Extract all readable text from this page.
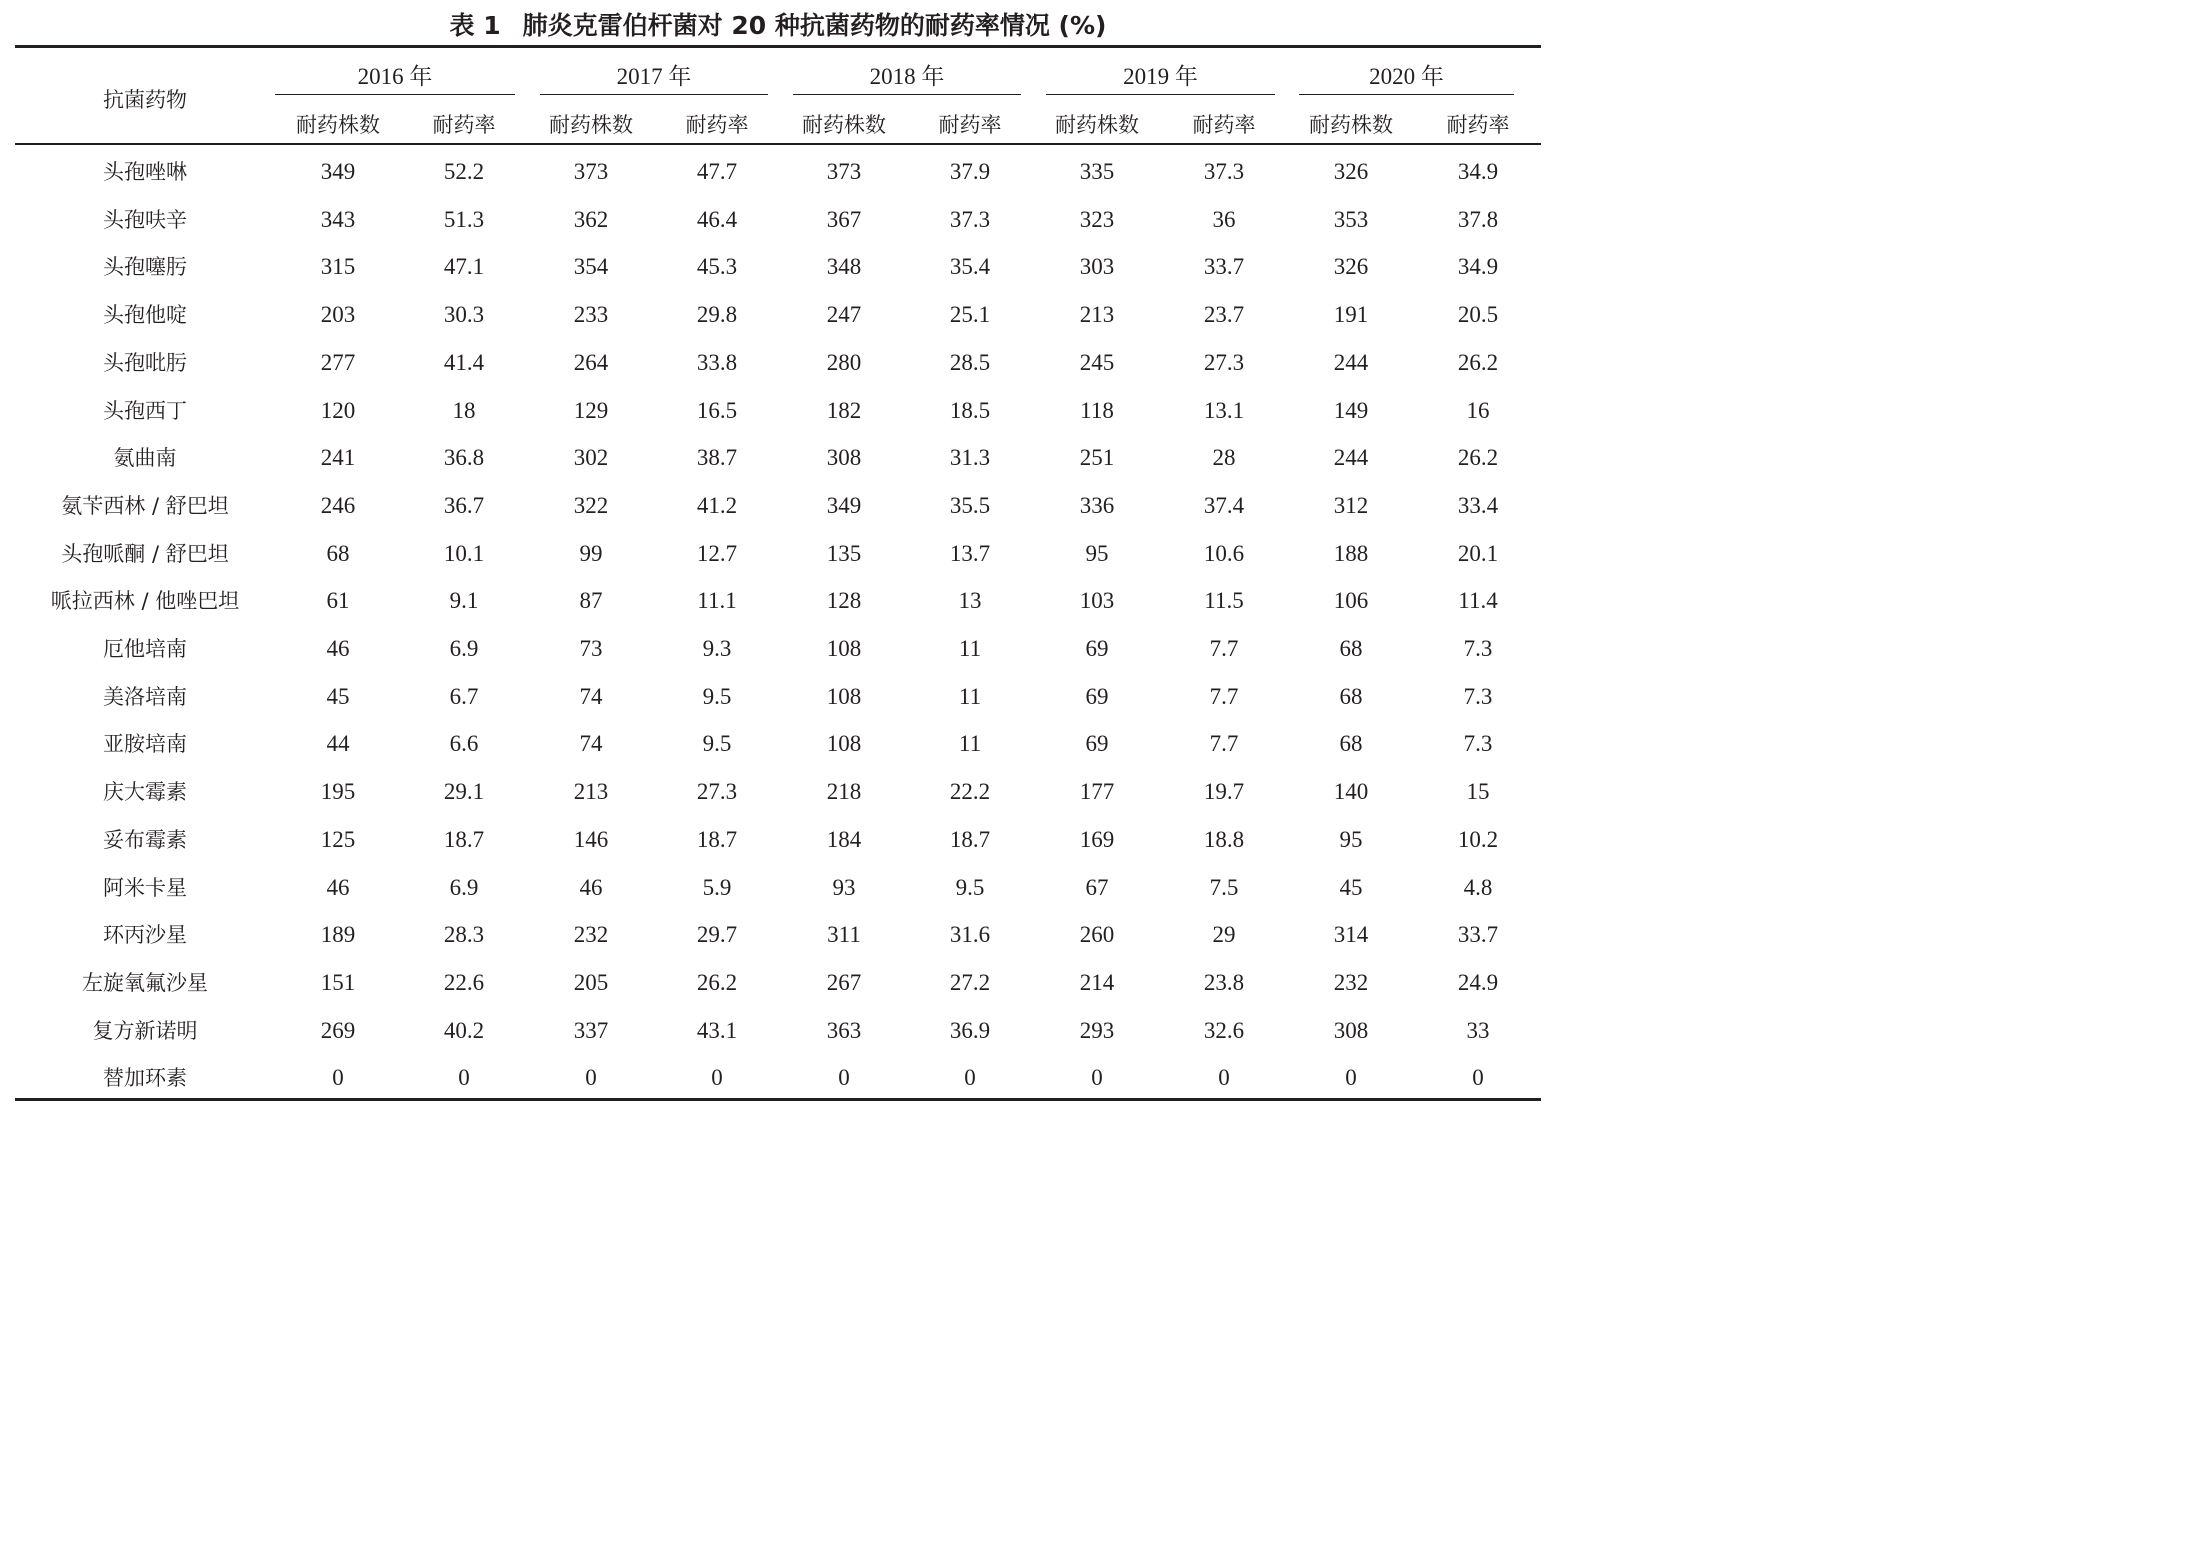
表 1 肺炎克雷伯杆菌对 20 种抗菌药物的耐药率情况 (%)
抗菌药物
2016 年
耐药株数	耐药率
2017 年
耐药株数	耐药率
2018 年
耐药株数	耐药率
2019 年
耐药株数	耐药率
2020 年
耐药株数	耐药率
头孢唑啉	349	52.2	373	47.7	373	37.9	335	37.3	326	34.9
头孢呋辛	343	51.3	362	46.4	367	37.3	323	36	353	37.8
头孢噻肟	315	47.1	354	45.3	348	35.4	303	33.7	326	34.9
头孢他啶	203	30.3	233	29.8	247	25.1	213	23.7	191	20.5
头孢吡肟	277	41.4	264	33.8	280	28.5	245	27.3	244	26.2
头孢西丁	120	18	129	16.5	182	18.5	118	13.1	149	16
氨曲南	241	36.8	302	38.7	308	31.3	251	28	244	26.2
氨苄西林 / 舒巴坦	246	36.7	322	41.2	349	35.5	336	37.4	312	33.4
头孢哌酮 / 舒巴坦	68	10.1	99	12.7	135	13.7	95	10.6	188	20.1
哌拉西林 / 他唑巴坦	61	9.1	87	11.1	128	13	103	11.5	106	11.4
厄他培南	46	6.9	73	9.3	108	11	69	7.7	68	7.3
美洛培南	45	6.7	74	9.5	108	11	69	7.7	68	7.3
亚胺培南	44	6.6	74	9.5	108	11	69	7.7	68	7.3
庆大霉素	195	29.1	213	27.3	218	22.2	177	19.7	140	15
妥布霉素	125	18.7	146	18.7	184	18.7	169	18.8	95	10.2
阿米卡星	46	6.9	46	5.9	93	9.5	67	7.5	45	4.8
环丙沙星	189	28.3	232	29.7	311	31.6	260	29	314	33.7
左旋氧氟沙星	151	22.6	205	26.2	267	27.2	214	23.8	232	24.9
复方新诺明	269	40.2	337	43.1	363	36.9	293	32.6	308	33
替加环素	0	0	0	0	0	0	0	0	0	0
